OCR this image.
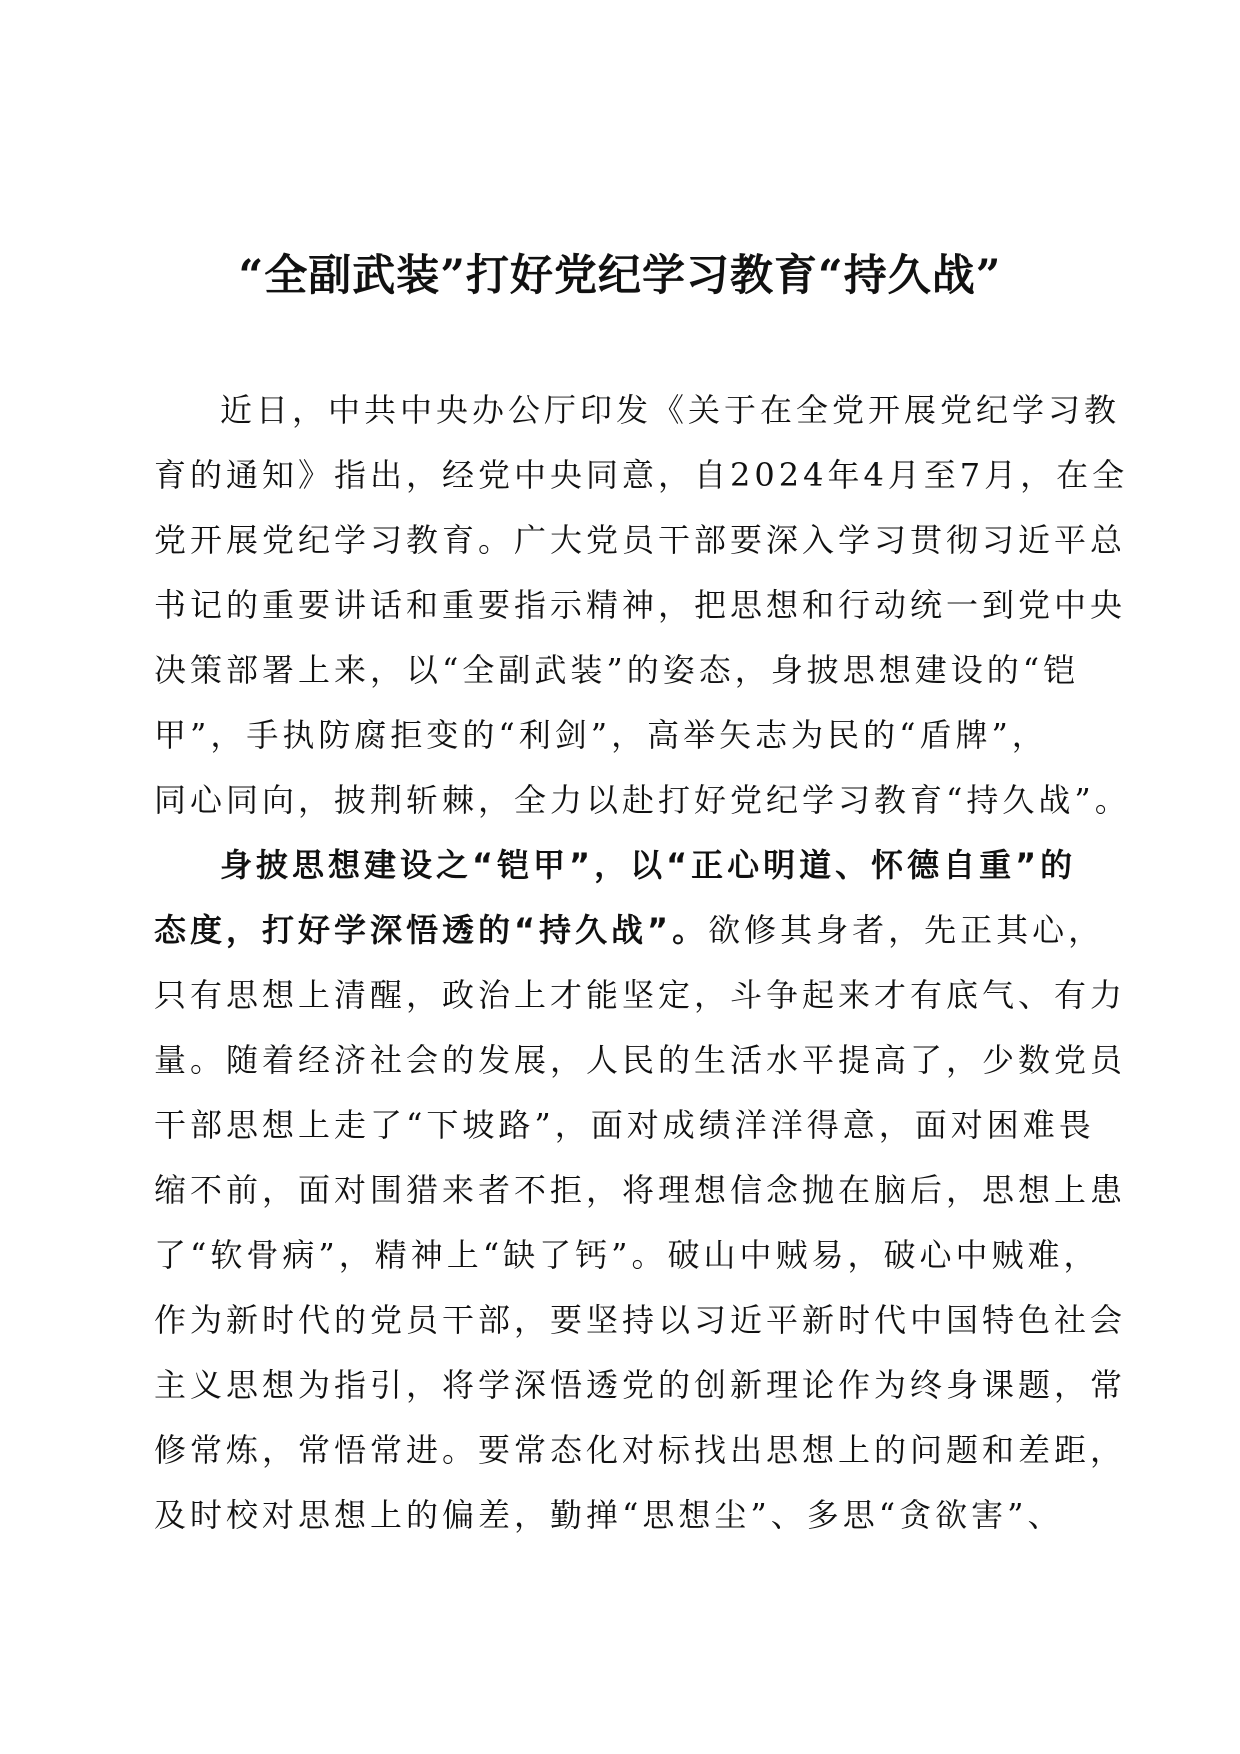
“全副武装”打好党纪学习教育“持久战”
近日，中共中央办公厅印发《关于在全党开展党纪学习教
育的通知》指出，经党中央同意，自2024年4月至7月，在全
党开展党纪学习教育。广大党员干部要深入学习贯彻习近平总
书记的重要讲话和重要指示精神，把思想和行动统一到党中央
决策部署上来，以“全副武装”的姿态，身披思想建设的“铠
甲”，手执防腐拒变的“利剑”，高举矢志为民的“盾牌”，
同心同向，披荆斩棘，全力以赴打好党纪学习教育“持久战”。
身披思想建设之“铠甲”，以“正心明道、怀德自重”的
态度，打好学深悟透的“持久战”。欲修其身者，先正其心，
只有思想上清醒，政治上才能坚定，斗争起来才有底气、有力
量。随着经济社会的发展，人民的生活水平提高了，少数党员
干部思想上走了“下坡路”，面对成绩洋洋得意，面对困难畏
缩不前，面对围猎来者不拒，将理想信念抛在脑后，思想上患
了“软骨病”，精神上“缺了钙”。破山中贼易，破心中贼难，
作为新时代的党员干部，要坚持以习近平新时代中国特色社会
主义思想为指引，将学深悟透党的创新理论作为终身课题，常
修常炼，常悟常进。要常态化对标找出思想上的问题和差距，
及时校对思想上的偏差，勤掸“思想尘”、多思“贪欲害”、
